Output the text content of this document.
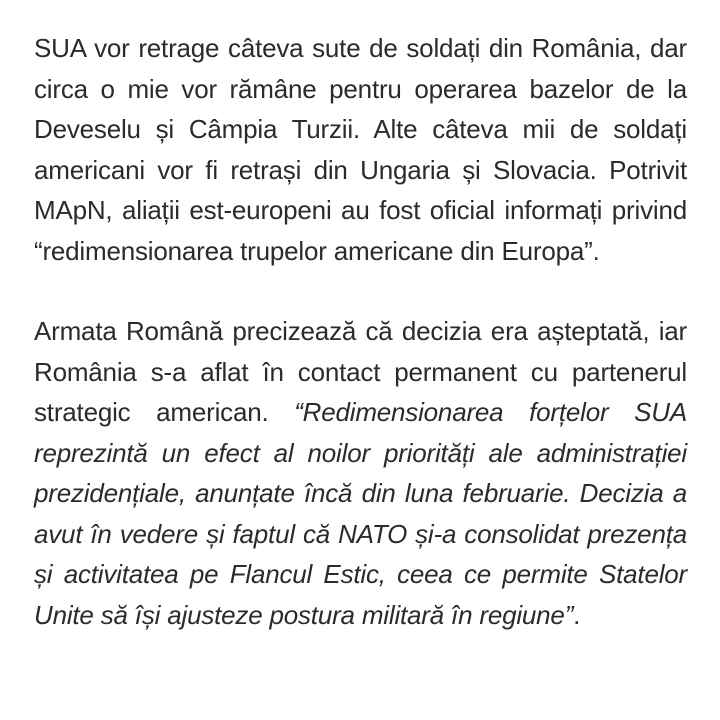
SUA vor retrage câteva sute de soldați din România, dar circa o mie vor rămâne pentru operarea bazelor de la Deveselu și Câmpia Turzii. Alte câteva mii de soldați americani vor fi retrași din Ungaria și Slovacia. Potrivit MApN, aliații est-europeni au fost oficial informați privind “redimensionarea trupelor americane din Europa”.

Armata Română precizează că decizia era așteptată, iar România s-a aflat în contact permanent cu partenerul strategic american. “Redimensionarea forțelor SUA reprezintă un efect al noilor priorități ale administrației prezidențiale, anunțate încă din luna februarie. Decizia a avut în vedere și faptul că NATO și-a consolidat prezența și activitatea pe Flancul Estic, ceea ce permite Statelor Unite să își ajusteze postura militară în regiune”.
